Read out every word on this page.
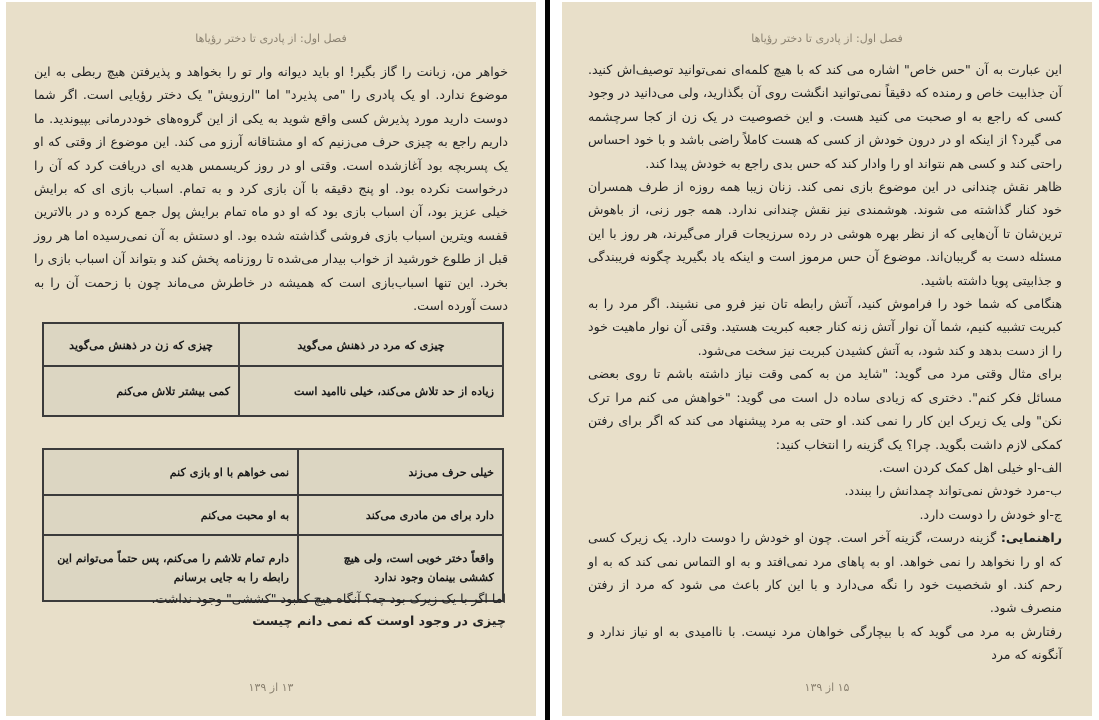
فصل اول: از پادری تا دختر رؤیاها

خواهر من، زبانت را گاز بگیر! او باید دیوانه وار تو را بخواهد و پذیرفتن هیچ ربطی به این موضوع ندارد. او یک پادری را "می پذیرد" اما "ارزویش" یک دختر رؤیایی است. اگر شما دوست دارید مورد پذیرش کسی واقع شوید به یکی از این گروه‌های خوددرمانی بپیوندید. ما داریم راجع به چیزی حرف می‌زنیم که او مشتاقانه آرزو می کند. این موضوع از وقتی که او یک پسربچه بود آغازشده است. وقتی او در روز کریسمس هدیه ای دریافت کرد که آن را درخواست نکرده بود. او پنج دقیقه با آن بازی کرد و به تمام. اسباب بازی ای که برایش خیلی عزیز بود، آن اسباب بازی بود که او دو ماه تمام برایش پول جمع کرده و در بالاترین قفسه ویترین اسباب بازی فروشی گذاشته شده بود. او دستش به آن نمی‌رسیده اما هر روز قبل از طلوع خورشید از خواب بیدار می‌شده تا روزنامه پخش کند و بتواند آن اسباب بازی را بخرد. این تنها اسباب‌بازی است که همیشه در خاطرش می‌ماند چون با زحمت آن را به دست آورده است.

چیزی که مرد در ذهنش می‌گوید	چیزی که زن در ذهنش می‌گوید
زیاده از حد تلاش می‌کند، خیلی ناامید است	کمی بیشتر تلاش می‌کنم
خیلی حرف می‌زند	نمی خواهم با او بازی کنم
دارد برای من مادری می‌کند	به او محبت می‌کنم
واقعاً دختر خوبی است، ولی هیچ کششی بینمان وجود ندارد	دارم تمام تلاشم را می‌کنم، پس حتماً می‌توانم این رابطه را به جایی برسانم
اما اگر با یک زیرک بود چه؟ آنگاه هیچ کمبود "کششی" وجود نداشت.
چیزی در وجود اوست که نمی دانم چیست
۱۳ از ۱۳۹
فصل اول: از پادری تا دختر رؤیاها

این عبارت به آن "حس خاص" اشاره می کند که با هیچ کلمه‌ای نمی‌توانید توصیف‌اش کنید. آن جذابیت خاص و رمنده که دقیقاً نمی‌توانید انگشت روی آن بگذارید، ولی می‌دانید در وجود کسی که راجع به او صحبت می کنید هست. و این خصوصیت در یک زن از کجا سرچشمه می گیرد؟ از اینکه او در درون خودش از کسی که هست کاملاً راضی باشد و با خود احساس راحتی کند و کسی هم نتواند او را وادار کند که حس بدی راجع به خودش پیدا کند.

ظاهر نقش چندانی در این موضوع بازی نمی کند. زنان زیبا همه روزه از طرف همسران خود کنار گذاشته می شوند. هوشمندی نیز نقش چندانی ندارد. همه جور زنی، از باهوش ترین‌شان تا آن‌هایی که از نظر بهره هوشی در رده سرزیجات قرار می‌گیرند، هر روز با این مسئله دست به گریبان‌اند. موضوع آن حس مرموز است و اینکه یاد بگیرید چگونه فریبندگی و جذابیتی پویا داشته باشید.

هنگامی که شما خود را فراموش کنید، آتش رابطه تان نیز فرو می نشیند. اگر مرد را به کبریت تشبیه کنیم، شما آن نوار آتش زنه کنار جعبه کبریت هستید. وقتی آن نوار ماهیت خود را از دست بدهد و کند شود، به آتش کشیدن کبریت نیز سخت می‌شود.

برای مثال وقتی مرد می گوید: "شاید من به کمی وقت نیاز داشته باشم تا روی بعضی مسائل فکر کنم". دختری که زیادی ساده دل است می گوید: "خواهش می کنم مرا ترک نکن" ولی یک زیرک این کار را نمی کند. او حتی به مرد پیشنهاد می کند که اگر برای رفتن کمکی لازم داشت بگوید. چرا؟ یک گزینه را انتخاب کنید:

الف-او خیلی اهل کمک کردن است.

ب-مرد خودش نمی‌تواند چمدانش را ببندد.

ج-او خودش را دوست دارد.

راهنمایی: گزینه درست، گزینه آخر است. چون او خودش را دوست دارد. یک زیرک کسی که او را نخواهد را نمی خواهد. او به پاهای مرد نمی‌افتد و به او التماس نمی کند که به او رحم کند. او شخصیت خود را نگه می‌دارد و با این کار باعث می شود که مرد از رفتن منصرف شود.

رفتارش به مرد می گوید که با بیچارگی خواهان مرد نیست. با ناامیدی به او نیاز ندارد و آنگونه که مرد

۱۵ از ۱۳۹
